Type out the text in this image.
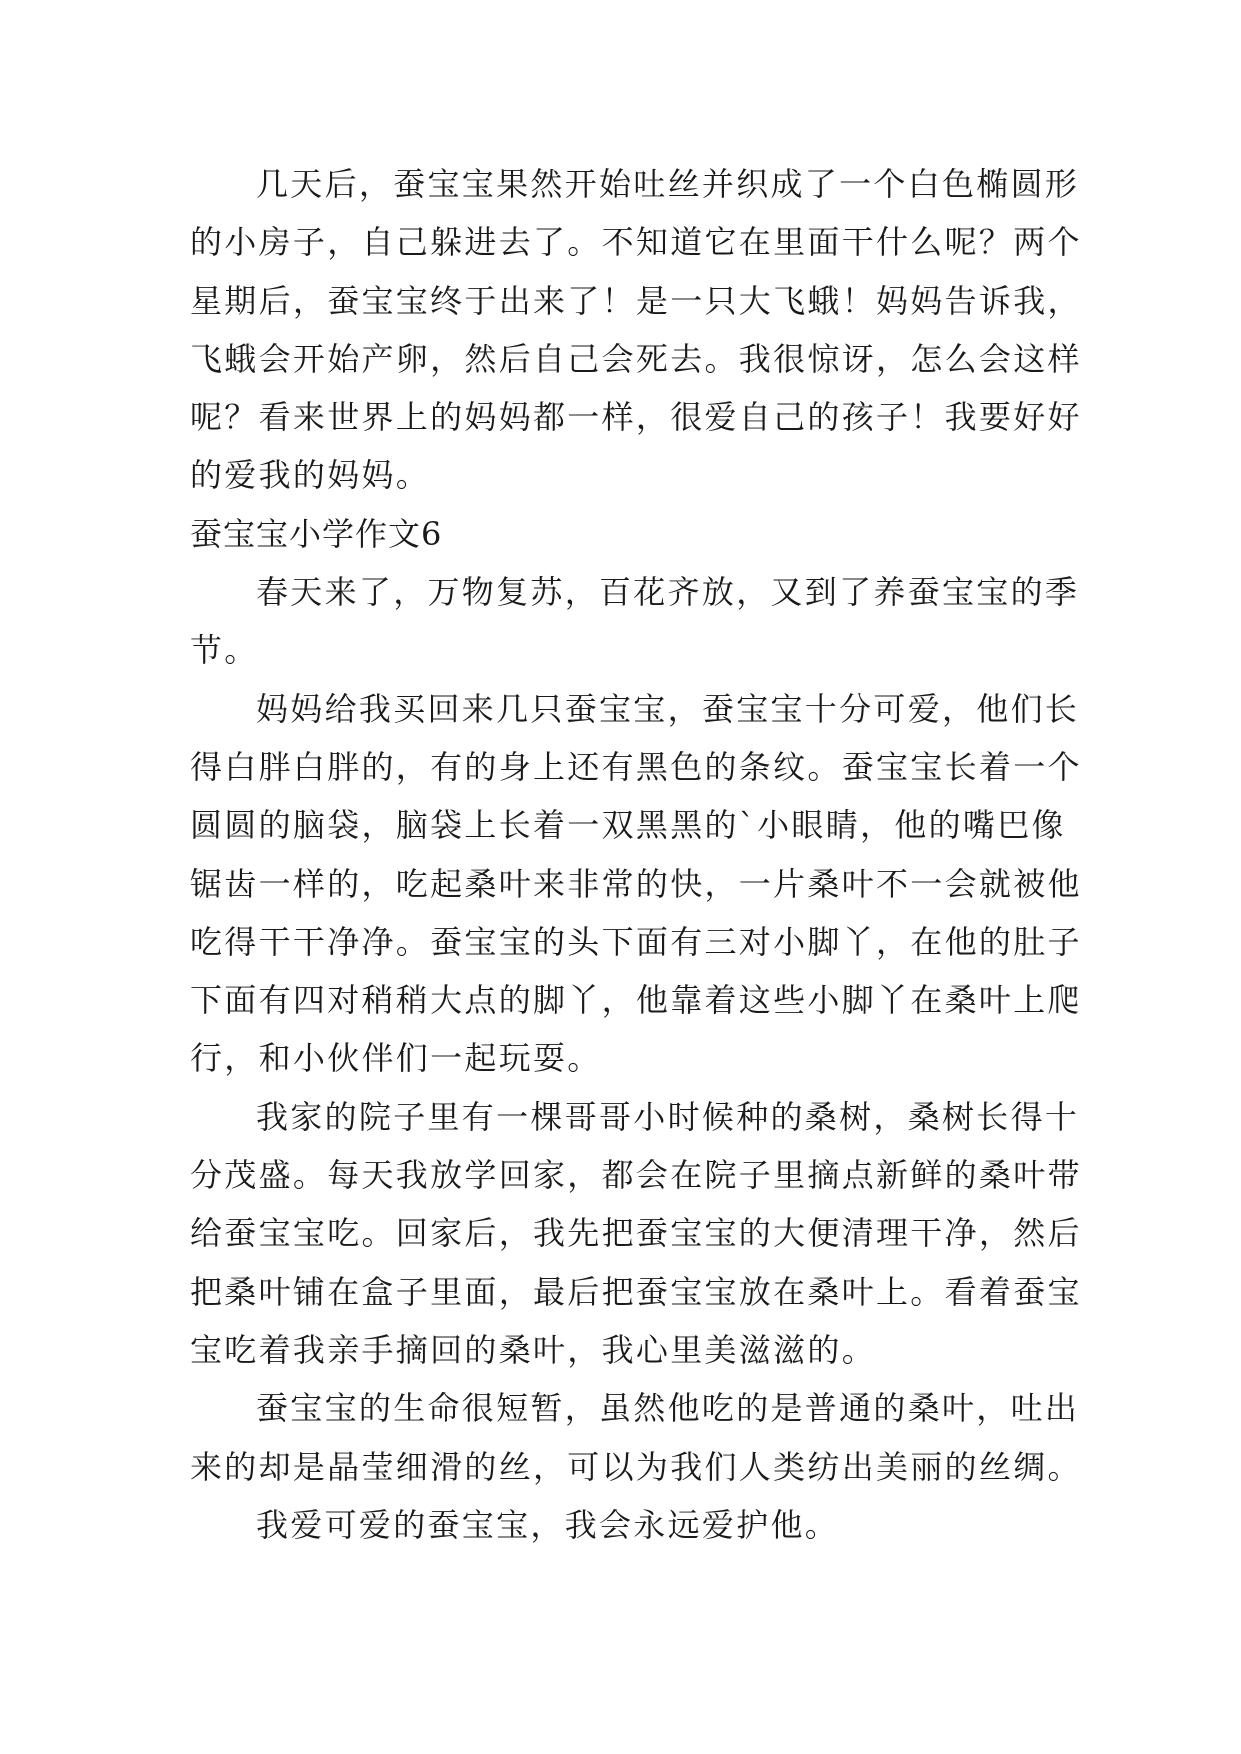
几天后，蚕宝宝果然开始吐丝并织成了一个白色椭圆形
的小房子，自己躲进去了。不知道它在里面干什么呢？两个
星期后，蚕宝宝终于出来了！是一只大飞蛾！妈妈告诉我，
飞蛾会开始产卵，然后自己会死去。我很惊讶，怎么会这样
呢？看来世界上的妈妈都一样，很爱自己的孩子！我要好好
的爱我的妈妈。
蚕宝宝小学作文6
春天来了，万物复苏，百花齐放，又到了养蚕宝宝的季
节。
妈妈给我买回来几只蚕宝宝，蚕宝宝十分可爱，他们长
得白胖白胖的，有的身上还有黑色的条纹。蚕宝宝长着一个
圆圆的脑袋，脑袋上长着一双黑黑的`小眼睛，他的嘴巴像
锯齿一样的，吃起桑叶来非常的快，一片桑叶不一会就被他
吃得干干净净。蚕宝宝的头下面有三对小脚丫，在他的肚子
下面有四对稍稍大点的脚丫，他靠着这些小脚丫在桑叶上爬
行，和小伙伴们一起玩耍。
我家的院子里有一棵哥哥小时候种的桑树，桑树长得十
分茂盛。每天我放学回家，都会在院子里摘点新鲜的桑叶带
给蚕宝宝吃。回家后，我先把蚕宝宝的大便清理干净，然后
把桑叶铺在盒子里面，最后把蚕宝宝放在桑叶上。看着蚕宝
宝吃着我亲手摘回的桑叶，我心里美滋滋的。
蚕宝宝的生命很短暂，虽然他吃的是普通的桑叶，吐出
来的却是晶莹细滑的丝，可以为我们人类纺出美丽的丝绸。
我爱可爱的蚕宝宝，我会永远爱护他。
